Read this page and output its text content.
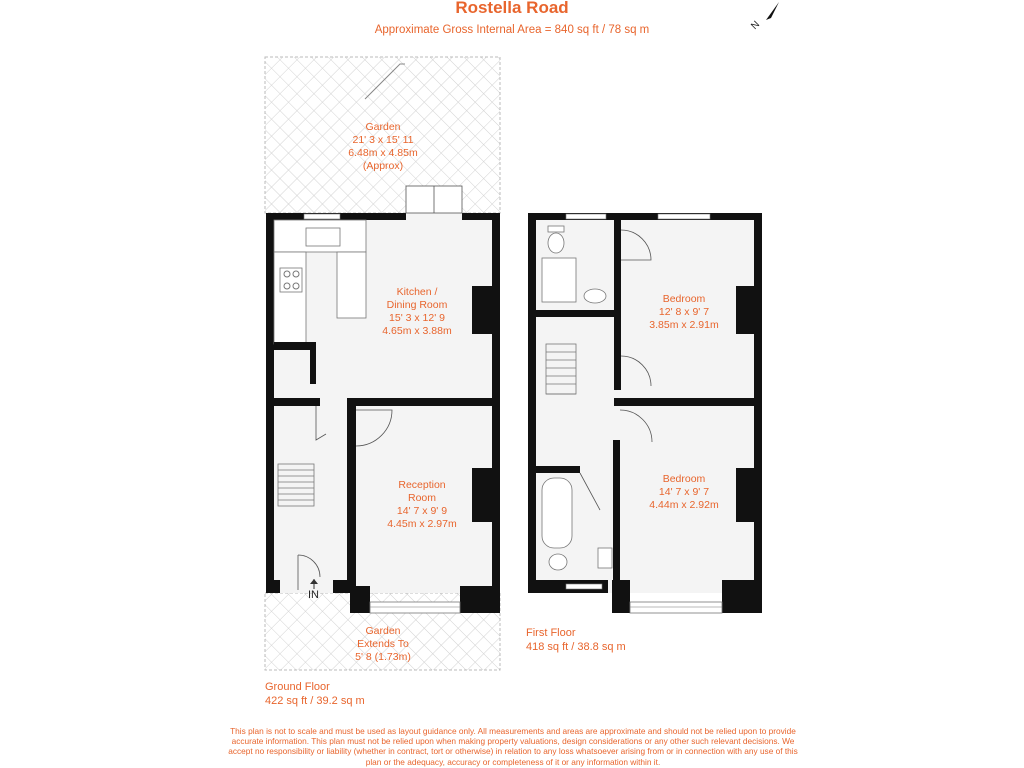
Rostella Road
Approximate Gross Internal Area = 840 sq ft / 78 sq m	N
Garden
21' 3 x 15' 11
6.48m x 4.85m
(Approx)
Kitchen /
Dining Room
15' 3 x 12' 9
4.65m x 3.88m
Reception
Room
14' 7 x 9' 9
4.45m x 2.97m
Garden
Extends To
5' 8 (1.73m)
Bedroom
12' 8 x 9' 7
3.85m x 2.91m
Bedroom
14' 7 x 9' 7
4.44m x 2.92m
IN
Ground Floor
422 sq ft / 39.2 sq m
First Floor
418 sq ft / 38.8 sq m
This plan is not to scale and must be used as layout guidance only. All measurements and areas are approximate and should not be relied upon to provide accurate information. This plan must not be relied upon when making property valuations, design considerations or any other such relevant decisions. We accept no responsibility or liability (whether in contract, tort or otherwise) in relation to any loss whatsoever arising from or in connection with any use of this plan or the adequacy, accuracy or completeness of it or any information within it.
